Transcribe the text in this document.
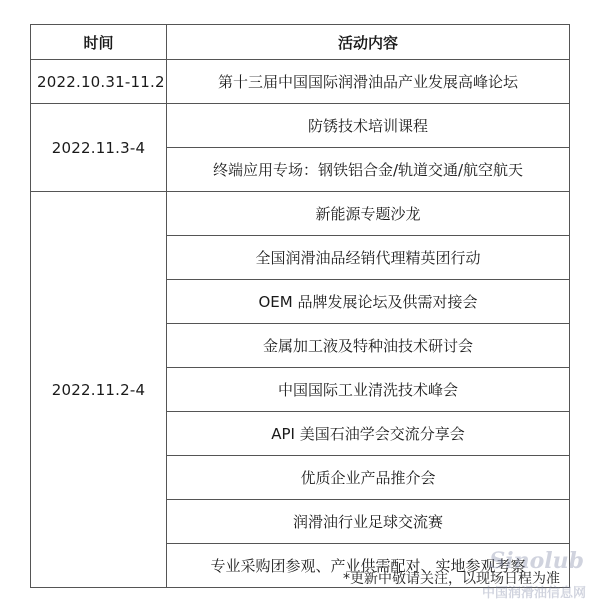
时间	活动内容
2022.10.31-11.2	第十三届中国国际润滑油品产业发展高峰论坛
2022.11.3-4	防锈技术培训课程
	终端应用专场：钢铁铝合金/轨道交通/航空航天
2022.11.2-4	新能源专题沙龙
	全国润滑油品经销代理精英团行动
	OEM 品牌发展论坛及供需对接会
	金属加工液及特种油技术研讨会
	中国国际工业清洗技术峰会
	API 美国石油学会交流分享会
	优质企业产品推介会
	润滑油行业足球交流赛
	专业采购团参观、产业供需配对、实地参观考察
*更新中敬请关注，以现场日程为准
Sinolub
中国润滑油信息网
